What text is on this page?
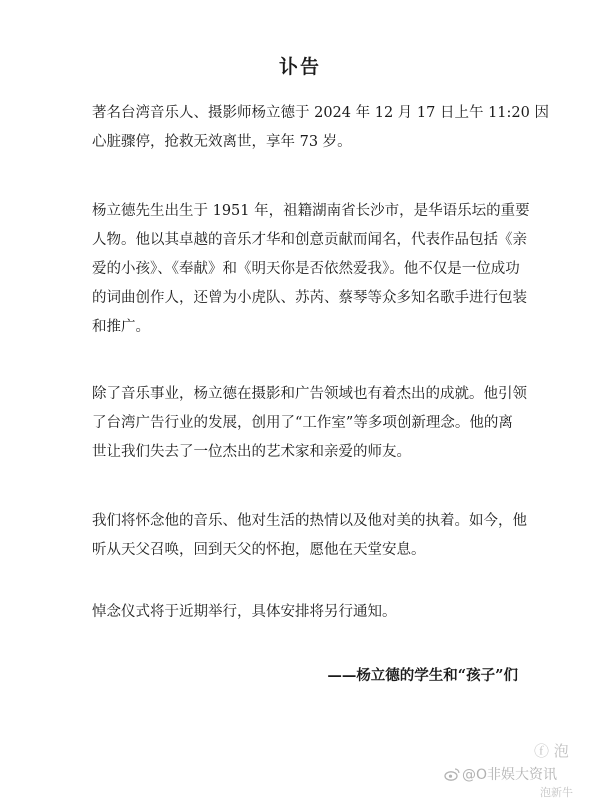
讣告
著名台湾音乐人、摄影师杨立德于 2024 年 12 月 17 日上午 11:20 因
心脏骤停，抢救无效离世，享年 73 岁。
杨立德先生出生于 1951 年，祖籍湖南省长沙市，是华语乐坛的重要
人物。他以其卓越的音乐才华和创意贡献而闻名，代表作品包括《亲
爱的小孩》、《奉献》和《明天你是否依然爱我》。他不仅是一位成功
的词曲创作人，还曾为小虎队、苏芮、蔡琴等众多知名歌手进行包装
和推广。
除了音乐事业，杨立德在摄影和广告领域也有着杰出的成就。他引领
了台湾广告行业的发展，创用了“工作室”等多项创新理念。他的离
世让我们失去了一位杰出的艺术家和亲爱的师友。
我们将怀念他的音乐、他对生活的热情以及他对美的执着。如今，他
听从天父召唤，回到天父的怀抱，愿他在天堂安息。
悼念仪式将于近期举行，具体安排将另行通知。
——杨立德的学生和“孩子”们
ⓕ 泡
@O非娱大资讯
泡新牛
